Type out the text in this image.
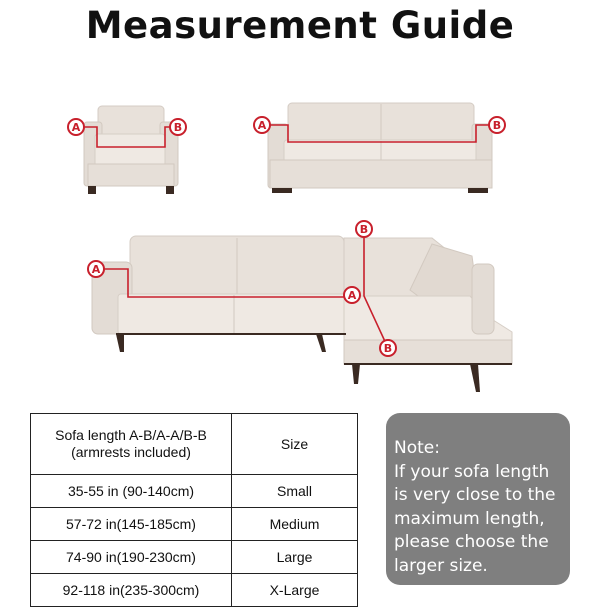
Measurement Guide
A	B	A	B
A
A
B
B
Sofa length A-B/A-A/B-B
(armrests included)	Size
35-55 in (90-140cm)	Small
57-72 in(145-185cm)	Medium
74-90 in(190-230cm)	Large
92-118 in(235-300cm)	X-Large
Note:
If your sofa length
is very close to the
maximum length,
please choose the
larger size.
